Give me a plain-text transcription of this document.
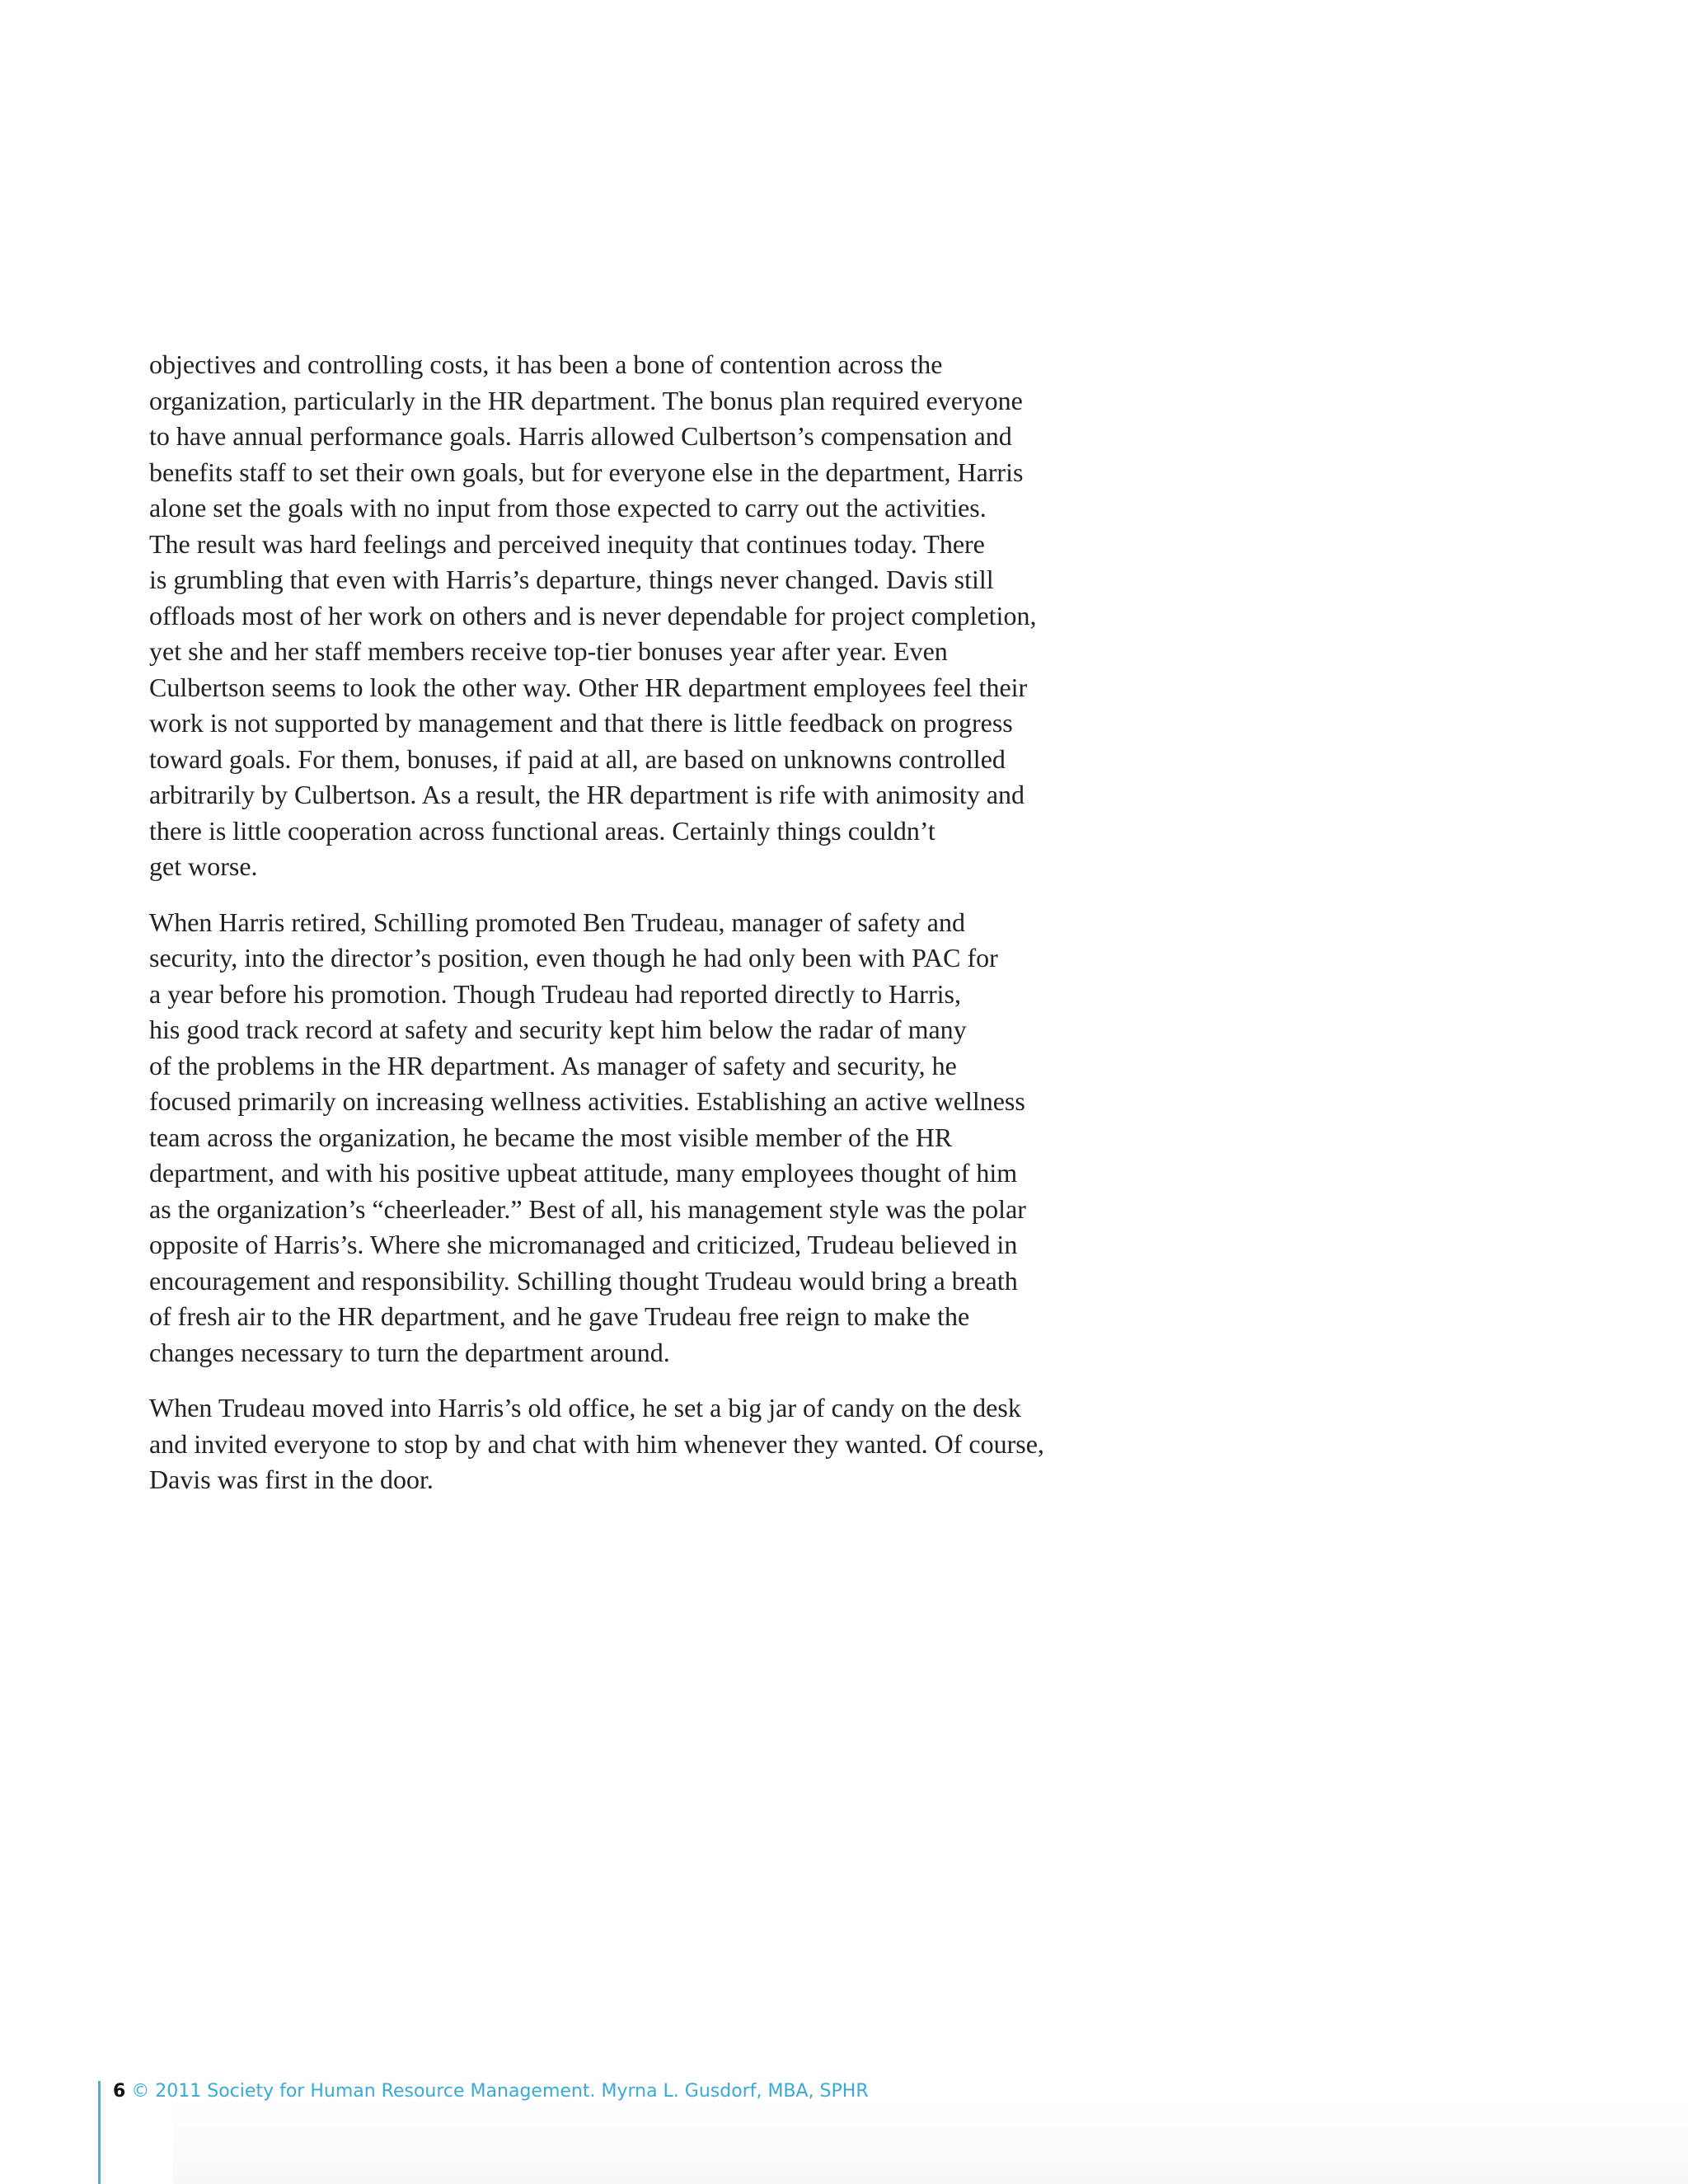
objectives and controlling costs, it has been a bone of contention across the
organization, particularly in the HR department. The bonus plan required everyone
to have annual performance goals. Harris allowed Culbertson’s compensation and
benefits staff to set their own goals, but for everyone else in the department, Harris
alone set the goals with no input from those expected to carry out the activities.
The result was hard feelings and perceived inequity that continues today. There
is grumbling that even with Harris’s departure, things never changed. Davis still
offloads most of her work on others and is never dependable for project completion,
yet she and her staff members receive top-tier bonuses year after year. Even
Culbertson seems to look the other way. Other HR department employees feel their
work is not supported by management and that there is little feedback on progress
toward goals. For them, bonuses, if paid at all, are based on unknowns controlled
arbitrarily by Culbertson. As a result, the HR department is rife with animosity and
there is little cooperation across functional areas. Certainly things couldn’t
get worse.

When Harris retired, Schilling promoted Ben Trudeau, manager of safety and
security, into the director’s position, even though he had only been with PAC for
a year before his promotion. Though Trudeau had reported directly to Harris,
his good track record at safety and security kept him below the radar of many
of the problems in the HR department. As manager of safety and security, he
focused primarily on increasing wellness activities. Establishing an active wellness
team across the organization, he became the most visible member of the HR
department, and with his positive upbeat attitude, many employees thought of him
as the organization’s “cheerleader.” Best of all, his management style was the polar
opposite of Harris’s. Where she micromanaged and criticized, Trudeau believed in
encouragement and responsibility. Schilling thought Trudeau would bring a breath
of fresh air to the HR department, and he gave Trudeau free reign to make the
changes necessary to turn the department around.

When Trudeau moved into Harris’s old office, he set a big jar of candy on the desk
and invited everyone to stop by and chat with him whenever they wanted. Of course,
Davis was first in the door.

6 © 2011 Society for Human Resource Management. Myrna L. Gusdorf, MBA, SPHR
